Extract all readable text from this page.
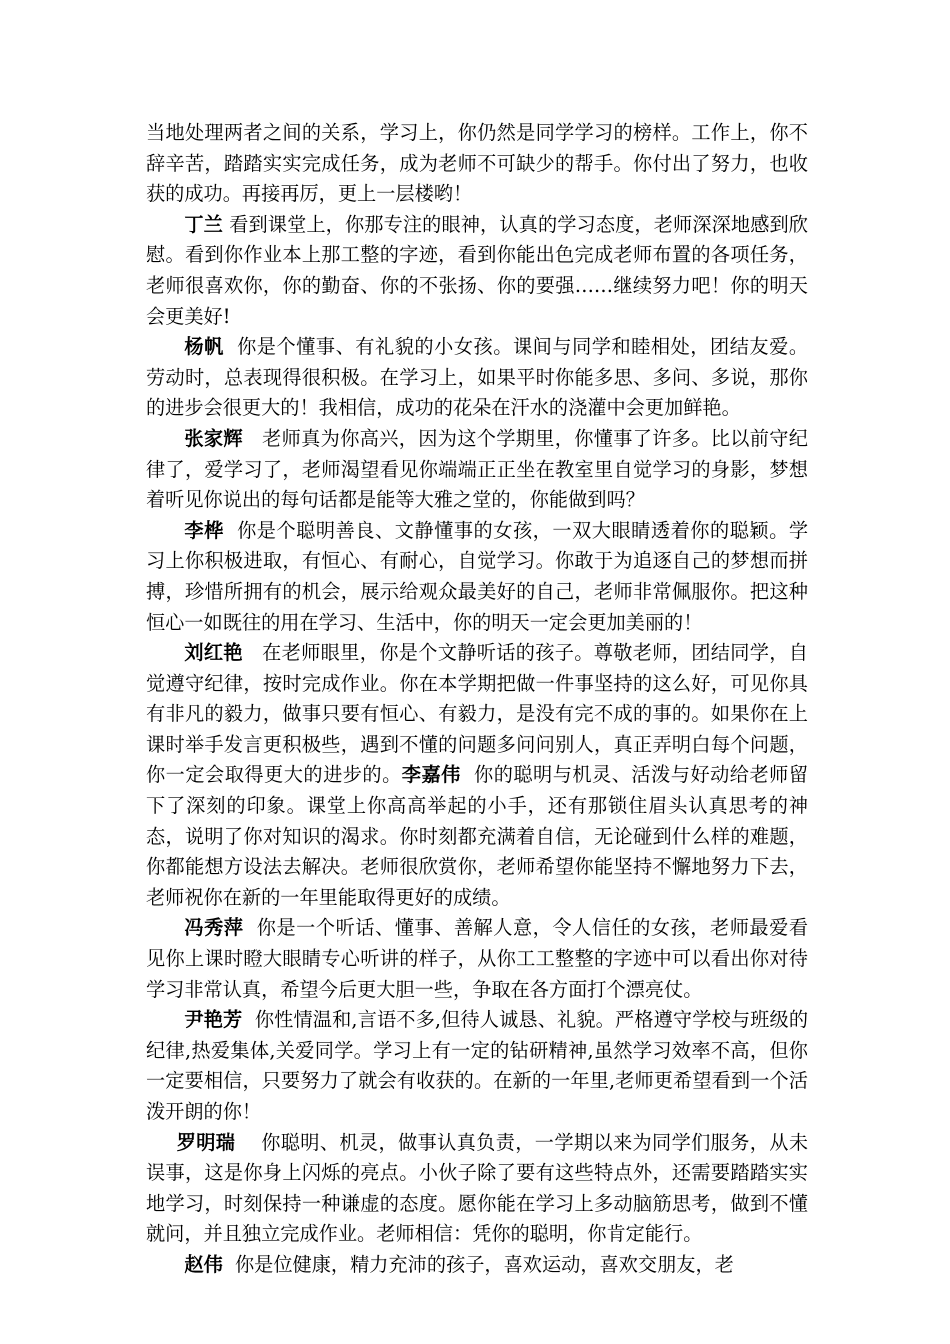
当地处理两者之间的关系，学习上，你仍然是同学学习的榜样。工作上，你不辞辛苦，踏踏实实完成任务，成为老师不可缺少的帮手。你付出了努力，也收获的成功。再接再厉，更上一层楼哟！

丁兰 看到课堂上，你那专注的眼神，认真的学习态度，老师深深地感到欣慰。看到你作业本上那工整的字迹，看到你能出色完成老师布置的各项任务，老师很喜欢你，你的勤奋、你的不张扬、你的要强……继续努力吧！你的明天会更美好!

杨帆 你是个懂事、有礼貌的小女孩。课间与同学和睦相处，团结友爱。劳动时，总表现得很积极。在学习上，如果平时你能多思、多问、多说，那你的进步会很更大的！我相信，成功的花朵在汗水的浇灌中会更加鲜艳。

张家辉 老师真为你高兴，因为这个学期里，你懂事了许多。比以前守纪律了，爱学习了，老师渴望看见你端端正正坐在教室里自觉学习的身影，梦想着听见你说出的每句话都是能等大雅之堂的，你能做到吗？

李桦 你是个聪明善良、文静懂事的女孩，一双大眼睛透着你的聪颖。学习上你积极进取，有恒心、有耐心，自觉学习。你敢于为追逐自己的梦想而拼搏，珍惜所拥有的机会，展示给观众最美好的自己，老师非常佩服你。把这种恒心一如既往的用在学习、生活中，你的明天一定会更加美丽的！

刘红艳 在老师眼里，你是个文静听话的孩子。尊敬老师，团结同学，自觉遵守纪律，按时完成作业。你在本学期把做一件事坚持的这么好，可见你具有非凡的毅力，做事只要有恒心、有毅力，是没有完不成的事的。如果你在上课时举手发言更积极些，遇到不懂的问题多问问别人，真正弄明白每个问题，你一定会取得更大的进步的。李嘉伟 你的聪明与机灵、活泼与好动给老师留下了深刻的印象。课堂上你高高举起的小手，还有那锁住眉头认真思考的神态，说明了你对知识的渴求。你时刻都充满着自信，无论碰到什么样的难题，你都能想方设法去解决。老师很欣赏你，老师希望你能坚持不懈地努力下去，老师祝你在新的一年里能取得更好的成绩。

冯秀萍 你是一个听话、懂事、善解人意，令人信任的女孩，老师最爱看见你上课时瞪大眼睛专心听讲的样子，从你工工整整的字迹中可以看出你对待学习非常认真，希望今后更大胆一些，争取在各方面打个漂亮仗。

尹艳芳 你性情温和,言语不多,但待人诚恳、礼貌。严格遵守学校与班级的纪律,热爱集体,关爱同学。学习上有一定的钻研精神,虽然学习效率不高，但你一定要相信，只要努力了就会有收获的。在新的一年里,老师更希望看到一个活泼开朗的你！

罗明瑞 你聪明、机灵，做事认真负责，一学期以来为同学们服务，从未误事，这是你身上闪烁的亮点。小伙子除了要有这些特点外，还需要踏踏实实地学习，时刻保持一种谦虚的态度。愿你能在学习上多动脑筋思考，做到不懂就问，并且独立完成作业。老师相信：凭你的聪明，你肯定能行。

赵伟 你是位健康，精力充沛的孩子，喜欢运动，喜欢交朋友，老
